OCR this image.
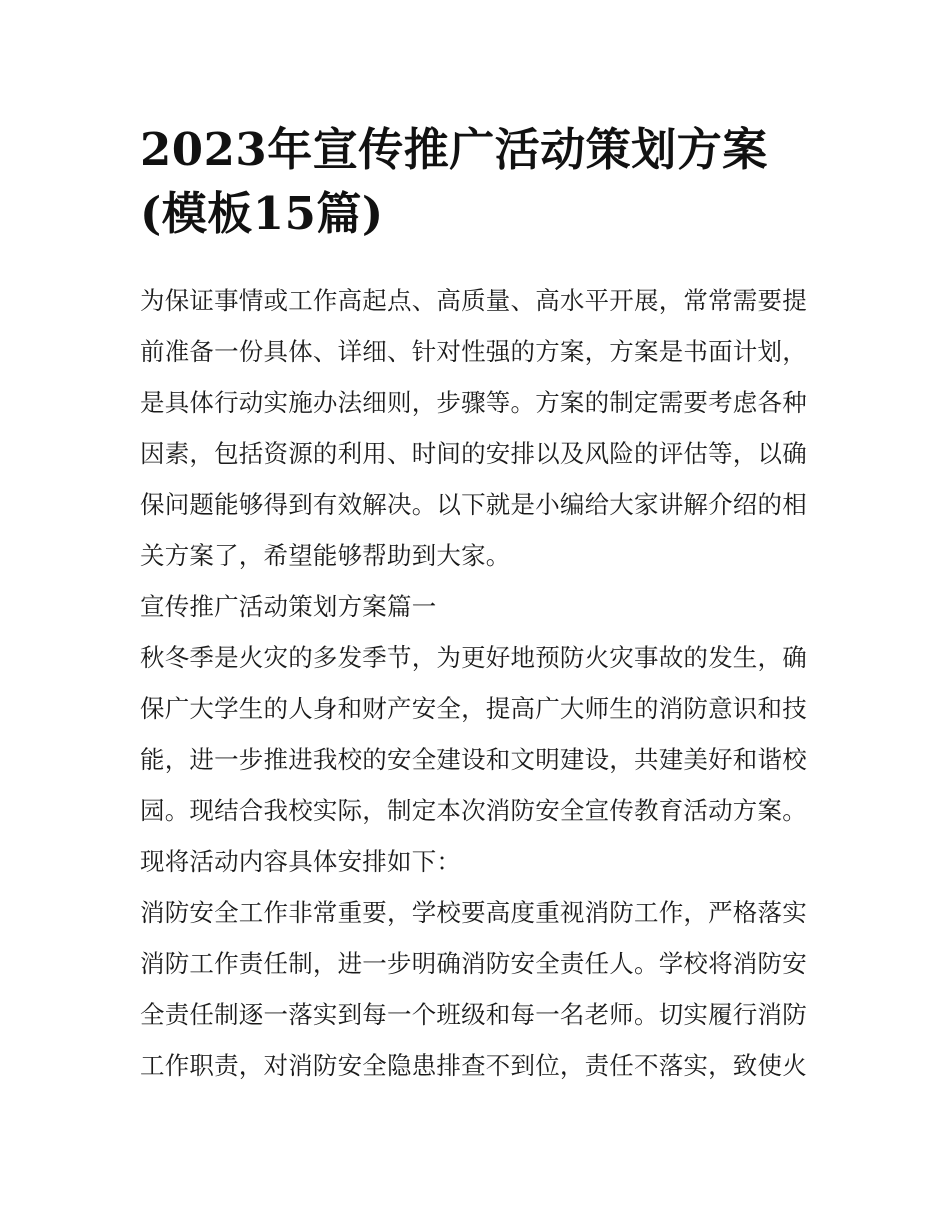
2023年宣传推广活动策划方案
(模板15篇)
为保证事情或工作高起点、高质量、高水平开展，常常需要提
前准备一份具体、详细、针对性强的方案，方案是书面计划，
是具体行动实施办法细则，步骤等。方案的制定需要考虑各种
因素，包括资源的利用、时间的安排以及风险的评估等，以确
保问题能够得到有效解决。以下就是小编给大家讲解介绍的相
关方案了，希望能够帮助到大家。
宣传推广活动策划方案篇一
秋冬季是火灾的多发季节，为更好地预防火灾事故的发生，确
保广大学生的人身和财产安全，提高广大师生的消防意识和技
能，进一步推进我校的安全建设和文明建设，共建美好和谐校
园。现结合我校实际，制定本次消防安全宣传教育活动方案。
现将活动内容具体安排如下：
消防安全工作非常重要，学校要高度重视消防工作，严格落实
消防工作责任制，进一步明确消防安全责任人。学校将消防安
全责任制逐一落实到每一个班级和每一名老师。切实履行消防
工作职责，对消防安全隐患排查不到位，责任不落实，致使火
